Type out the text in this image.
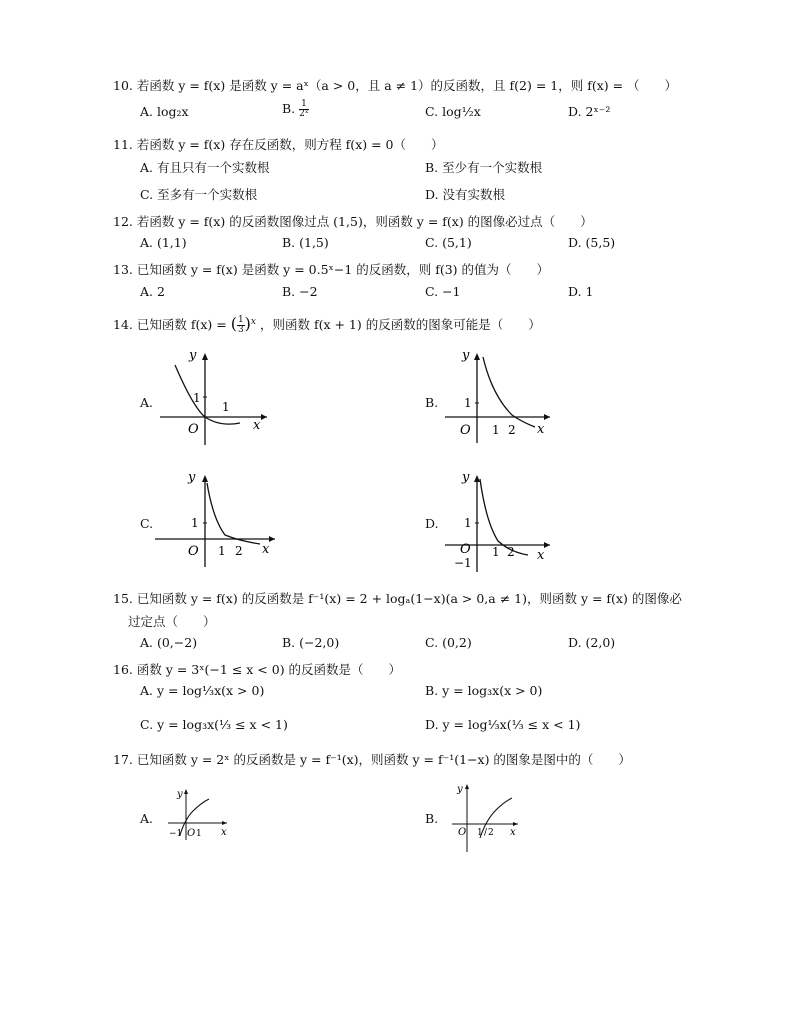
10. 若函数 y = f(x) 是函数 y = aˣ（a > 0，且 a ≠ 1）的反函数，且 f(2) = 1，则 f(x) = （　　）
A. log₂x	B. $\frac{1}{\text{2ˣ}}$	C. log½x	D. 2ˣ⁻²
11. 若函数 y = f(x) 存在反函数，则方程 f(x) = 0（　　）
A. 有且只有一个实数根	B. 至少有一个实数根
C. 至多有一个实数根	D. 没有实数根
12. 若函数 y = f(x) 的反函数图像过点 (1,5)，则函数 y = f(x) 的图像必过点（　　）
A. (1,1)	B. (1,5)	C. (5,1)	D. (5,5)
13. 已知函数 y = f(x) 是函数 y = 0.5ˣ−1 的反函数，则 f(3) 的值为（　　）
A. 2	B. −2	C. −1	D. 1
14. 已知函数 f(x) = ( $\frac{1}{3} )^x$ ，则函数 f(x + 1) 的反函数的图象可能是（　　）
A.	1
1
O	x
y
B. 1
1 2
O	x
y
C.	1
1 2
O	x
y
D. 1
1 2
O
−1	x
y
15. 已知函数 y = f(x) 的反函数是 f⁻¹(x) = 2 + logₐ(1−x)(a > 0,a ≠ 1)，则函数 y = f(x) 的图像必
过定点（　　）
A. (0,−2)	B. (−2,0)	C. (0,2)	D. (2,0)
16. 函数 y = 3ˣ(−1 ≤ x < 0) 的反函数是（　　）
A. y = log⅓x(x > 0)	B. y = log₃x(x > 0)
C. y = log₃x(⅓ ≤ x < 1)	D. y = log⅓x(⅓ ≤ x < 1)
17. 已知函数 y = 2ˣ 的反函数是 y = f⁻¹(x)，则函数 y = f⁻¹(1−x) 的图象是图中的（　　）
A.
−1 O 1 x
y
B.
O 1 / 2 x
y
